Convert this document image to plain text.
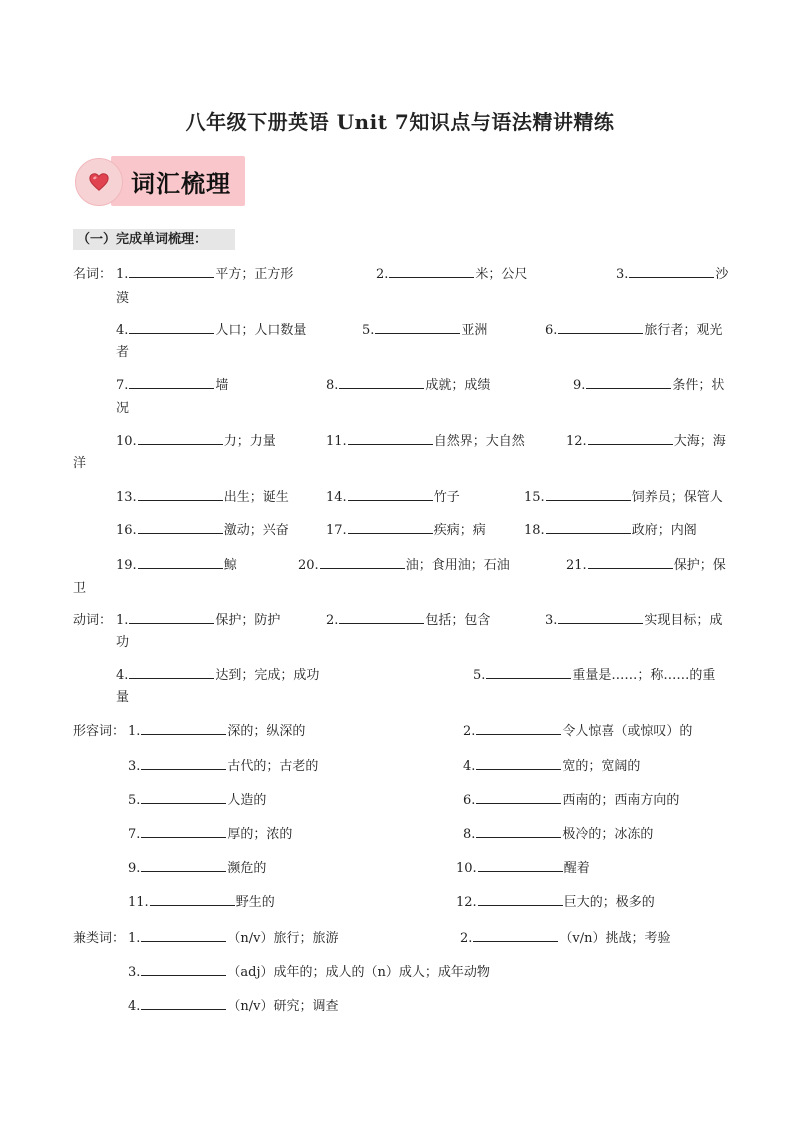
八年级下册英语 Unit 7知识点与语法精讲精练
词汇梳理
（一）完成单词梳理：
名词： 1.	平方；正方形	2.	米；公尺	3.	沙
漠
4.	人口；人口数量	5.	亚洲	6.	旅行者；观光
者
7.	墙	8.	成就；成绩	9.	条件；状
况
10.	力；力量	11.	自然界；大自然	12.	大海；海
洋
13.	出生；诞生	14.	竹子	15.	饲养员；保管人
16.	激动；兴奋	17.	疾病；病	18.	政府；内阁
19.	鲸	20.	油；食用油；石油	21.	保护；保
卫
动词： 1.	保护；防护	2.	包括；包含	3.	实现目标；成
功
4.	达到；完成；成功	5.	重量是……；称……的重
量
形容词： 1.	深的；纵深的	2.	令人惊喜（或惊叹）的
3.	古代的；古老的	4.	宽的；宽阔的
5.	人造的	6.	西南的；西南方向的
7.	厚的；浓的	8.	极冷的；冰冻的
9.	濒危的	10.	醒着
11.	野生的	12.	巨大的；极多的
兼类词： 1.	（n/v）旅行；旅游	2.	（v/n）挑战；考验
3.	（adj）成年的；成人的（n）成人；成年动物
4.	（n/v）研究；调查
